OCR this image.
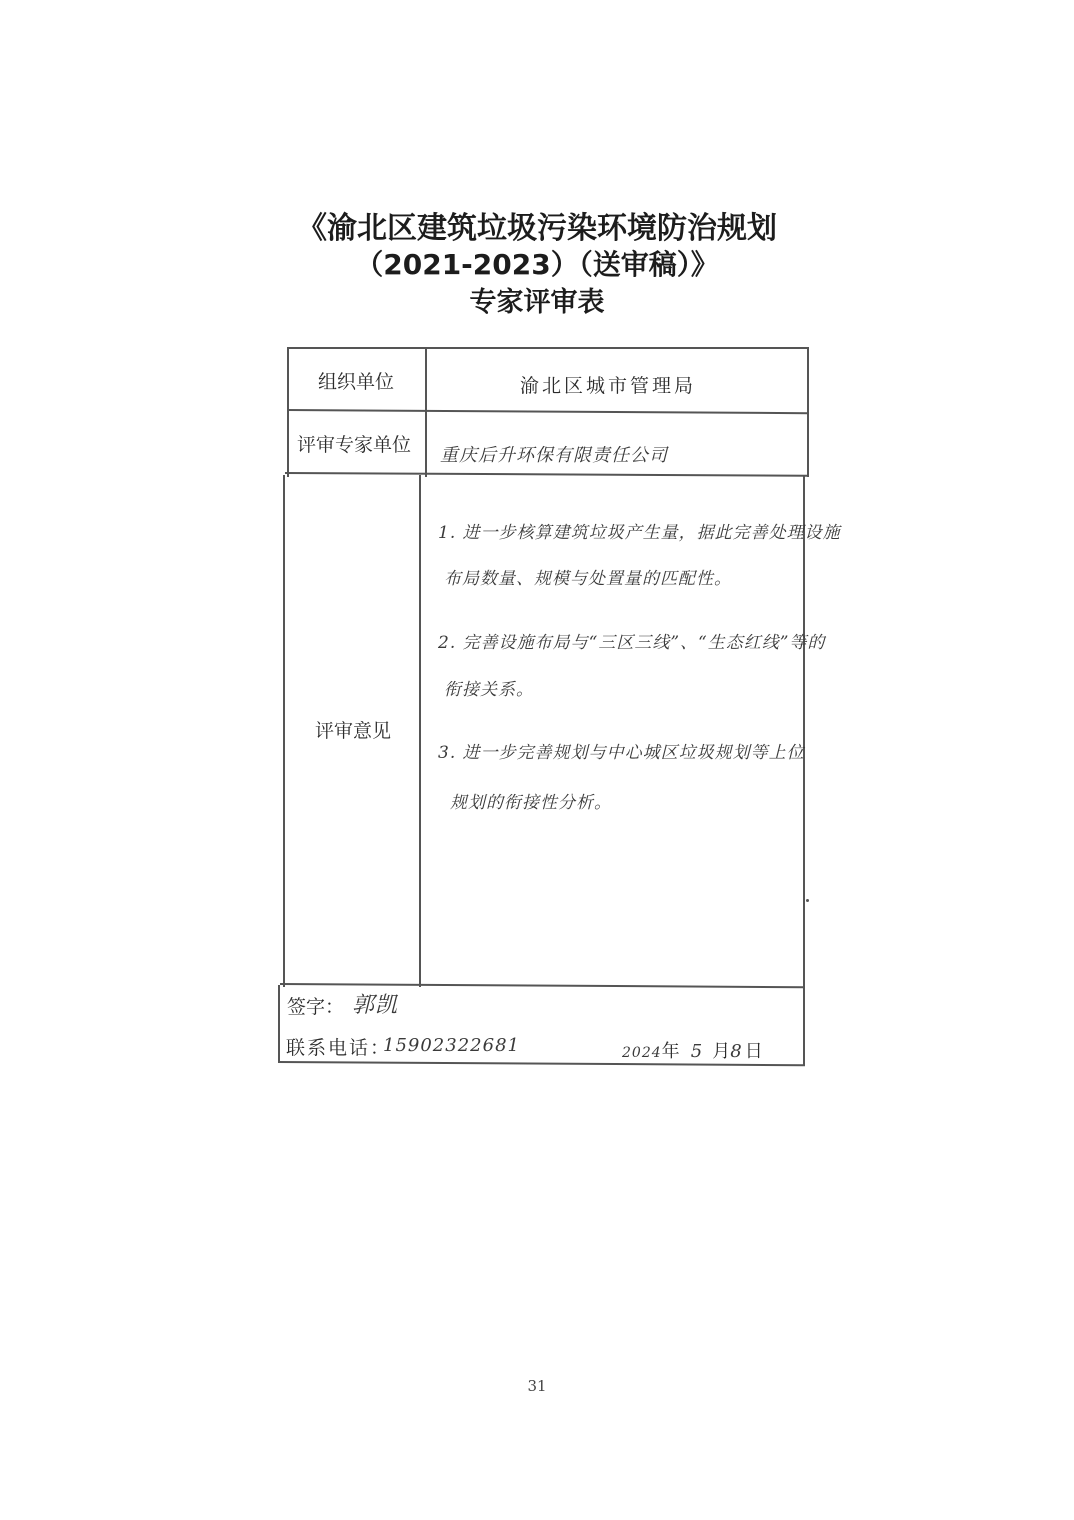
《渝北区建筑垃圾污染环境防治规划
（2021-2023）（送审稿）》
专家评审表
组织单位	渝北区城市管理局
评审专家单位 重庆后升环保有限责任公司
评审意见
1. 进一步核算建筑垃圾产生量，据此完善处理设施
布局数量、规模与处置量的匹配性。
2. 完善设施布局与“三区三线”、“生态红线”等的
衔接关系。
3. 进一步完善规划与中心城区垃圾规划等上位
规划的衔接性分析。
签字： 郭凯
联系电话：
15902322681	2024年 5 月8 日
31
